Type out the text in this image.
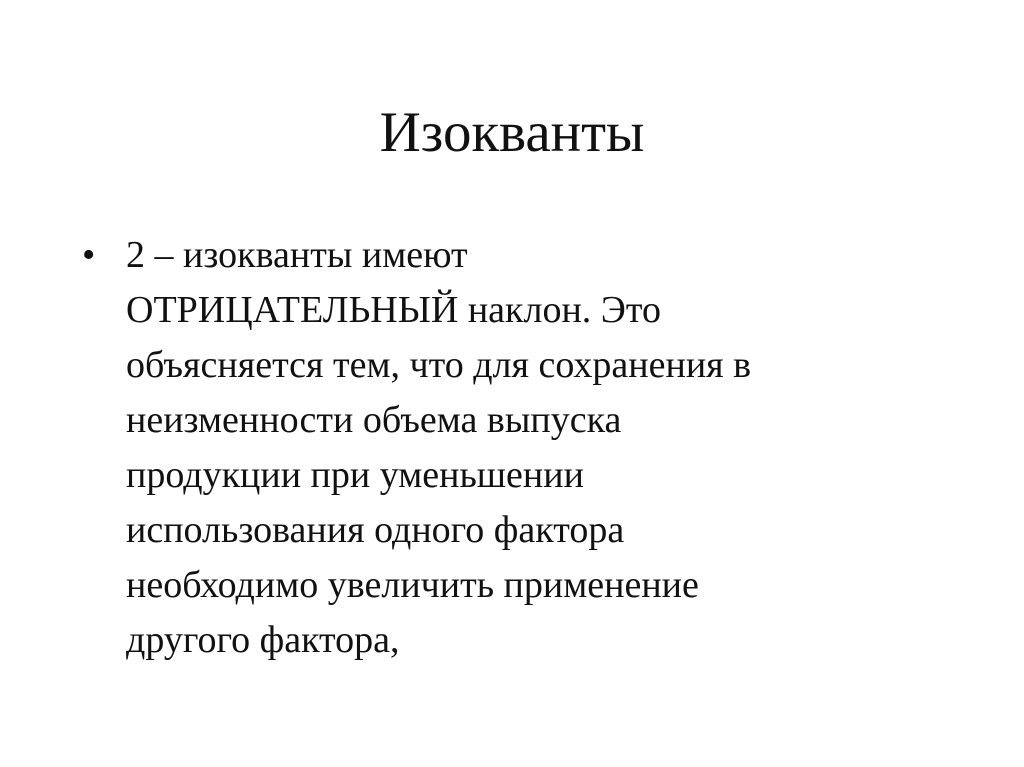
Изокванты
• 2 – изокванты имеют
ОТРИЦАТЕЛЬНЫЙ наклон. Это
объясняется тем, что для сохранения в
неизменности объема выпуска
продукции при уменьшении
использования одного фактора
необходимо увеличить применение
другого фактора,
